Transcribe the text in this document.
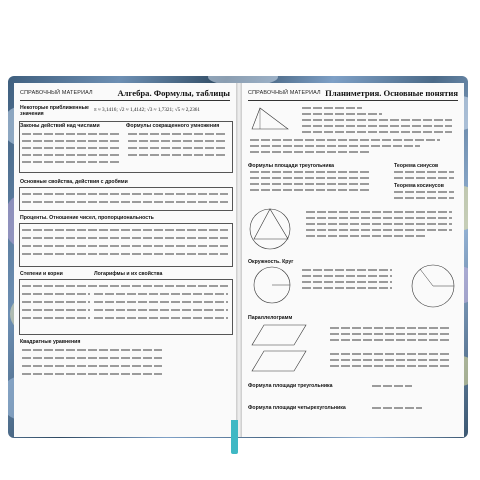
СПРАВОЧНЫЙ МАТЕРИАЛ	Алгебра. Формулы, таблицы
Некоторые приближенные значения
π ≈ 3,1416; √2 ≈ 1,4142; √3 ≈ 1,7321; √5 ≈ 2,2361
Законы действий над числами	Формулы сокращенного умножения
Основные свойства, действия с дробями
Проценты. Отношение чисел, пропорциональность
Степени и корни	Логарифмы и их свойства
Квадратные уравнения
СПРАВОЧНЫЙ МАТЕРИАЛ Планиметрия. Основные понятия
Формулы площади треугольника	Теорема синусов
Теорема косинусов
Окружность. Круг
Параллелограмм
Формула площади треугольника
Формула площади четырехугольника
